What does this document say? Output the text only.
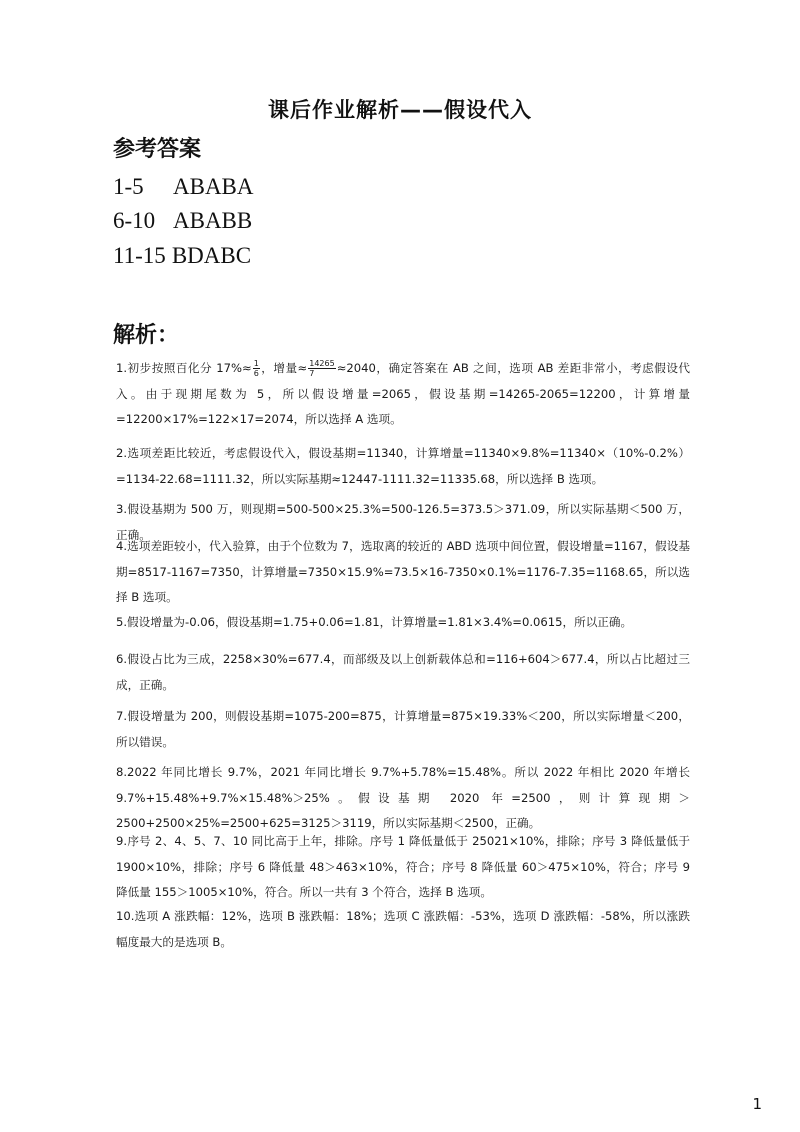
课后作业解析——假设代入
参考答案
1-5 ABABA
6-10 ABABB
11-15 BDABC
解析：
1.初步按照百化分 $17\%\approx \frac{1}{6}$ ，增量≈ $\frac{14265}{7} \approx 2040$，确定答案在 AB 之间，选项 AB 差距非常小，考虑假设代入。由于现期尾数为 5，所以假设增量=2065，假设基期=14265-2065=12200，计算增量=12200×17%=122×17=2074，所以选择 A 选项。
2.选项差距比较近，考虑假设代入，假设基期=11340，计算增量=11340×9.8%=11340×（10%-0.2%）=1134-22.68=1111.32，所以实际基期≈12447-1111.32=11335.68，所以选择 B 选项。
3.假设基期为 500 万，则现期=500-500×25.3%=500-126.5=373.5＞371.09，所以实际基期＜500 万，正确。
4.选项差距较小，代入验算，由于个位数为 7，选取离的较近的 ABD 选项中间位置，假设增量=1167，假设基期=8517-1167=7350，计算增量=7350×15.9%=73.5×16-7350×0.1%=1176-7.35=1168.65，所以选择 B 选项。
5.假设增量为-0.06，假设基期=1.75+0.06=1.81，计算增量=1.81×3.4%=0.0615，所以正确。
6.假设占比为三成，2258×30%=677.4，而部级及以上创新载体总和=116+604＞677.4，所以占比超过三成，正确。
7.假设增量为 200，则假设基期=1075-200=875，计算增量=875×19.33%＜200，所以实际增量＜200，所以错误。
8.2022 年同比增长 9.7%，2021 年同比增长 9.7%+5.78%=15.48%。所以 2022 年相比 2020 年增长 9.7%+15.48%+9.7%×15.48%＞25%。假设基期 2020 年=2500，则计算现期＞2500+2500×25%=2500+625=3125＞3119，所以实际基期＜2500，正确。
9.序号 2、4、5、7、10 同比高于上年，排除。序号 1 降低量低于 25021×10%，排除；序号 3 降低量低于 1900×10%，排除；序号 6 降低量 48＞463×10%，符合；序号 8 降低量 60＞475×10%，符合；序号 9 降低量 155＞1005×10%，符合。所以一共有 3 个符合，选择 B 选项。
10.选项 A 涨跌幅：12%，选项 B 涨跌幅：18%；选项 C 涨跌幅：-53%，选项 D 涨跌幅：-58%，所以涨跌幅度最大的是选项 B。
1
